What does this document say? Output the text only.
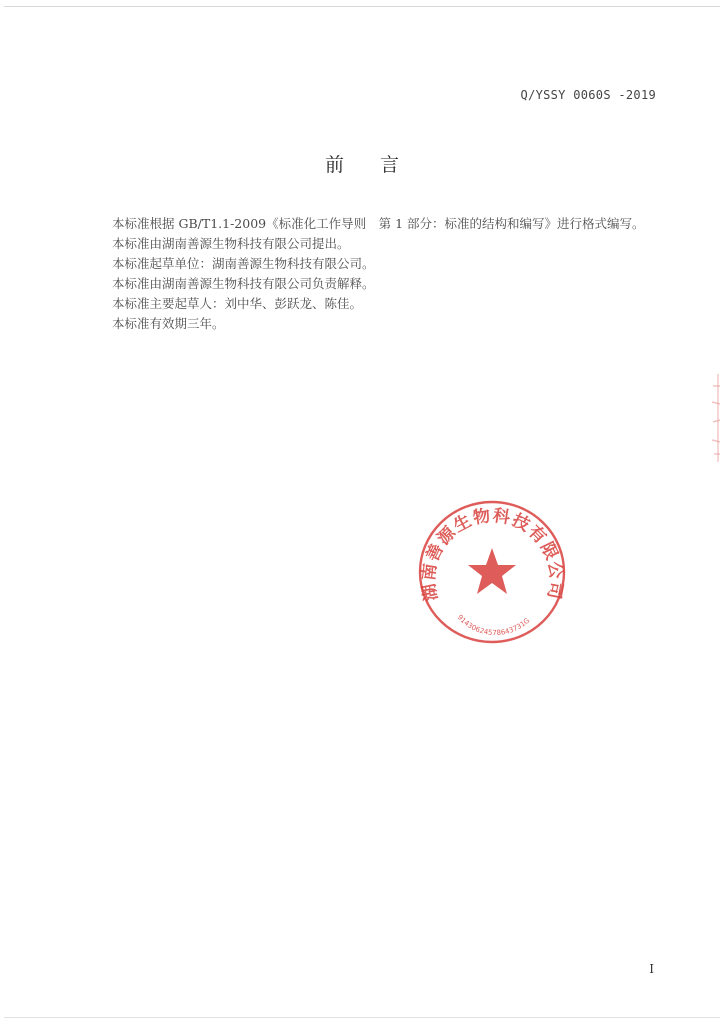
Q/YSSY 0060S -2019
前言

本标准根据 GB/T1.1-2009《标准化工作导则　第 1 部分：标准的结构和编写》进行格式编写。

本标准由湖南善源生物科技有限公司提出。

本标准起草单位：湖南善源生物科技有限公司。

本标准由湖南善源生物科技有限公司负责解释。

本标准主要起草人：刘中华、彭跃龙、陈佳。

本标准有效期三年。

湖南善源生物科技有限公司
91430624578643731G
I
